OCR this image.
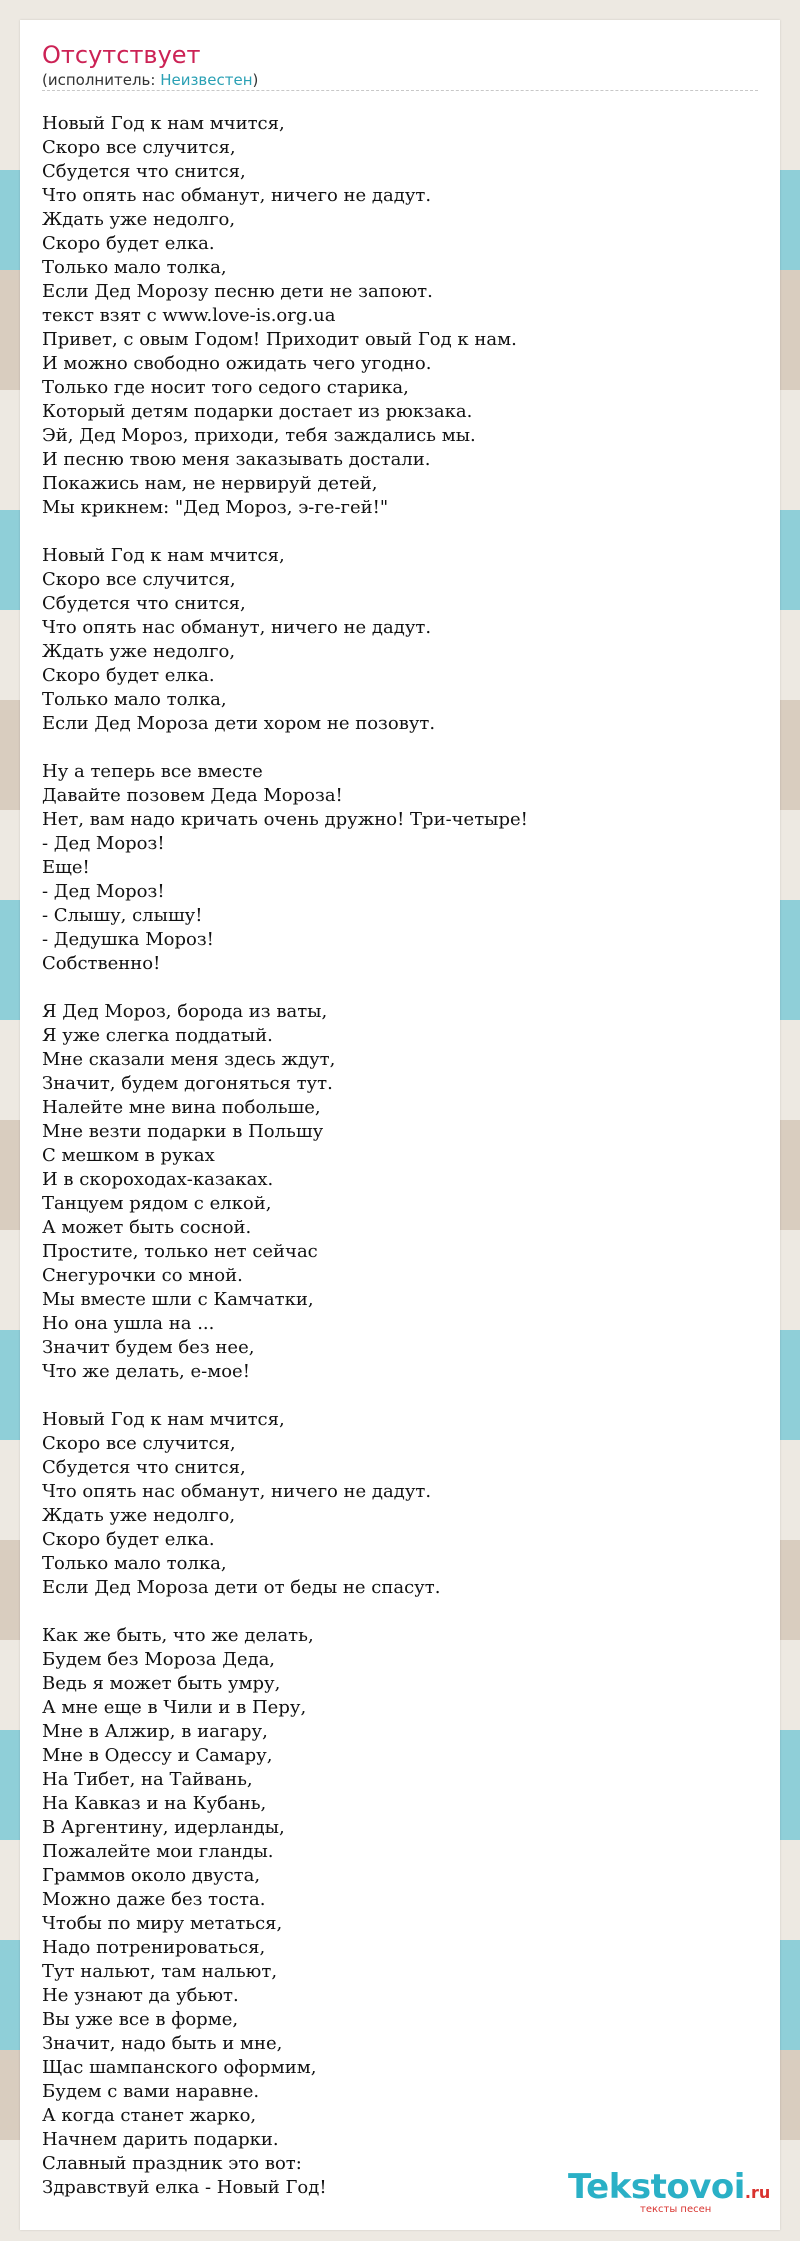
Отсутствует
(исполнитель: Неизвестен)
Новый Год к нам мчится,
Скоро все случится,
Сбудется что снится,
Что опять нас обманут, ничего не дадут.
Ждать уже недолго,
Скоро будет елка.
Только мало толка,
Если Дед Морозу песню дети не запоют.
текст взят с www.love-is.org.ua
Привет, с овым Годом! Приходит овый Год к нам.
И можно свободно ожидать чего угодно.
Только где носит того седого старика,
Который детям подарки достает из рюкзака.
Эй, Дед Мороз, приходи, тебя заждались мы.
И песню твою меня заказывать достали.
Покажись нам, не нервируй детей,
Мы крикнем: "Дед Мороз, э-ге-гей!"
Новый Год к нам мчится,
Скоро все случится,
Сбудется что снится,
Что опять нас обманут, ничего не дадут.
Ждать уже недолго,
Скоро будет елка.
Только мало толка,
Если Дед Мороза дети хором не позовут.
Ну а теперь все вместе
Давайте позовем Деда Мороза!
Нет, вам надо кричать очень дружно! Три-четыре!
- Дед Мороз!
Еще!
- Дед Мороз!
- Слышу, слышу!
- Дедушка Мороз!
Собственно!
Я Дед Мороз, борода из ваты,
Я уже слегка поддатый.
Мне сказали меня здесь ждут,
Значит, будем догоняться тут.
Налейте мне вина побольше,
Мне везти подарки в Польшу
С мешком в руках
И в скороходах-казаках.
Танцуем рядом с елкой,
А может быть сосной.
Простите, только нет сейчас
Снегурочки со мной.
Мы вместе шли с Камчатки,
Но она ушла на ...
Значит будем без нее,
Что же делать, е-мое!
Новый Год к нам мчится,
Скоро все случится,
Сбудется что снится,
Что опять нас обманут, ничего не дадут.
Ждать уже недолго,
Скоро будет елка.
Только мало толка,
Если Дед Мороза дети от беды не спасут.
Как же быть, что же делать,
Будем без Мороза Деда,
Ведь я может быть умру,
А мне еще в Чили и в Перу,
Мне в Алжир, в иагару,
Мне в Одессу и Самару,
На Тибет, на Тайвань,
На Кавказ и на Кубань,
В Аргентину, идерланды,
Пожалейте мои гланды.
Граммов около двуста,
Можно даже без тоста.
Чтобы по миру метаться,
Надо потренироваться,
Тут нальют, там нальют,
Не узнают да убьют.
Вы уже все в форме,
Значит, надо быть и мне,
Щас шампанского оформим,
Будем с вами наравне.
А когда станет жарко,
Начнем дарить подарки.
Славный праздник это вот:
Здравствуй елка - Новый Год!	Tekstovoi.ru
тексты песен
